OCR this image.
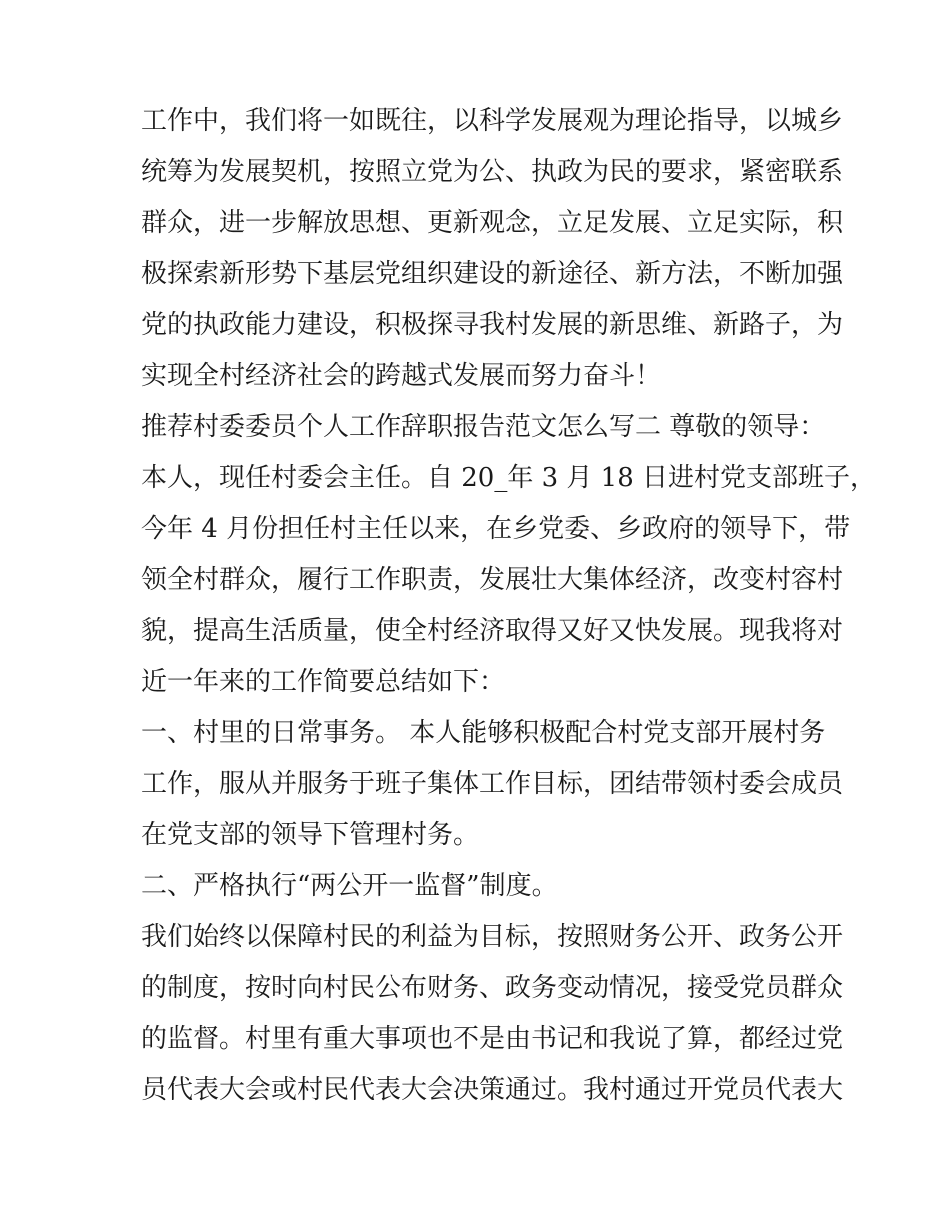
工作中，我们将一如既往，以科学发展观为理论指导，以城乡
统筹为发展契机，按照立党为公、执政为民的要求，紧密联系
群众，进一步解放思想、更新观念，立足发展、立足实际，积
极探索新形势下基层党组织建设的新途径、新方法，不断加强
党的执政能力建设，积极探寻我村发展的新思维、新路子，为
实现全村经济社会的跨越式发展而努力奋斗！
推荐村委委员个人工作辞职报告范文怎么写二 尊敬的领导：
本人，现任村委会主任。自 20_年 3 月 18 日进村党支部班子，
今年 4 月份担任村主任以来，在乡党委、乡政府的领导下，带
领全村群众，履行工作职责，发展壮大集体经济，改变村容村
貌，提高生活质量，使全村经济取得又好又快发展。现我将对
近一年来的工作简要总结如下：
一、村里的日常事务。 本人能够积极配合村党支部开展村务
工作，服从并服务于班子集体工作目标，团结带领村委会成员
在党支部的领导下管理村务。
二、严格执行“两公开一监督”制度。
我们始终以保障村民的利益为目标，按照财务公开、政务公开
的制度，按时向村民公布财务、政务变动情况，接受党员群众
的监督。村里有重大事项也不是由书记和我说了算，都经过党
员代表大会或村民代表大会决策通过。我村通过开党员代表大
